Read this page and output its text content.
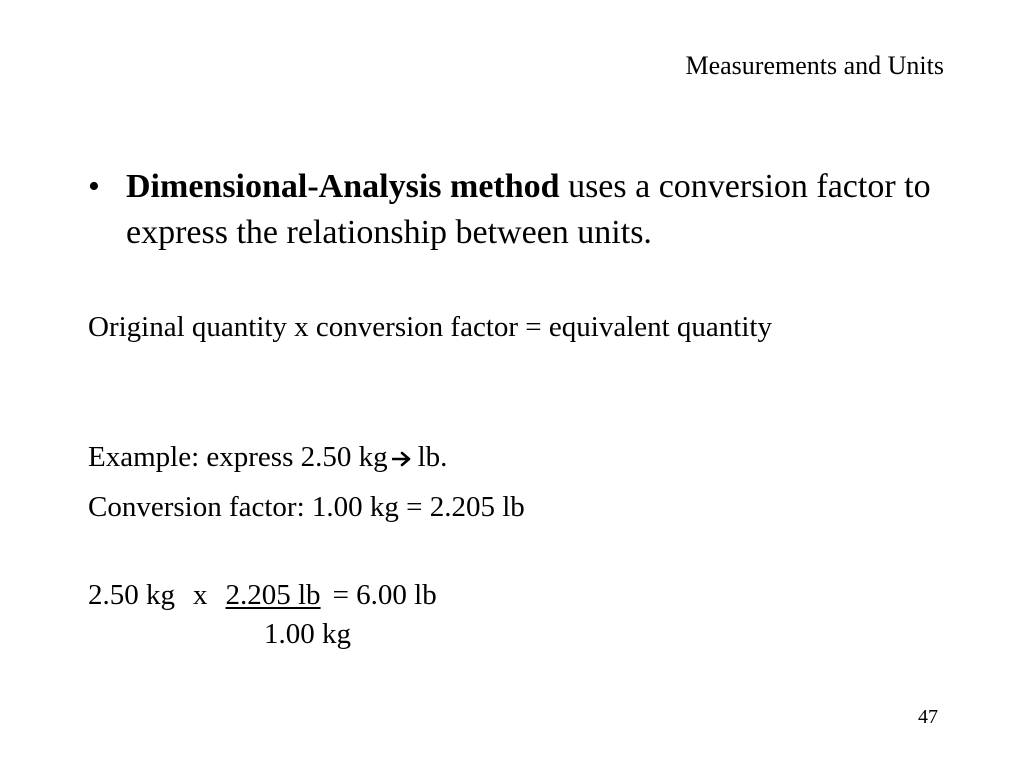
Measurements and Units
• Dimensional-Analysis method uses a conversion factor to express the relationship between units.
Original quantity x conversion factor = equivalent quantity
Example: express 2.50 kg lb.
Conversion factor: 1.00 kg = 2.205 lb
2.50 kg x 2.205 lb = 6.00 lb
1.00 kg
47
